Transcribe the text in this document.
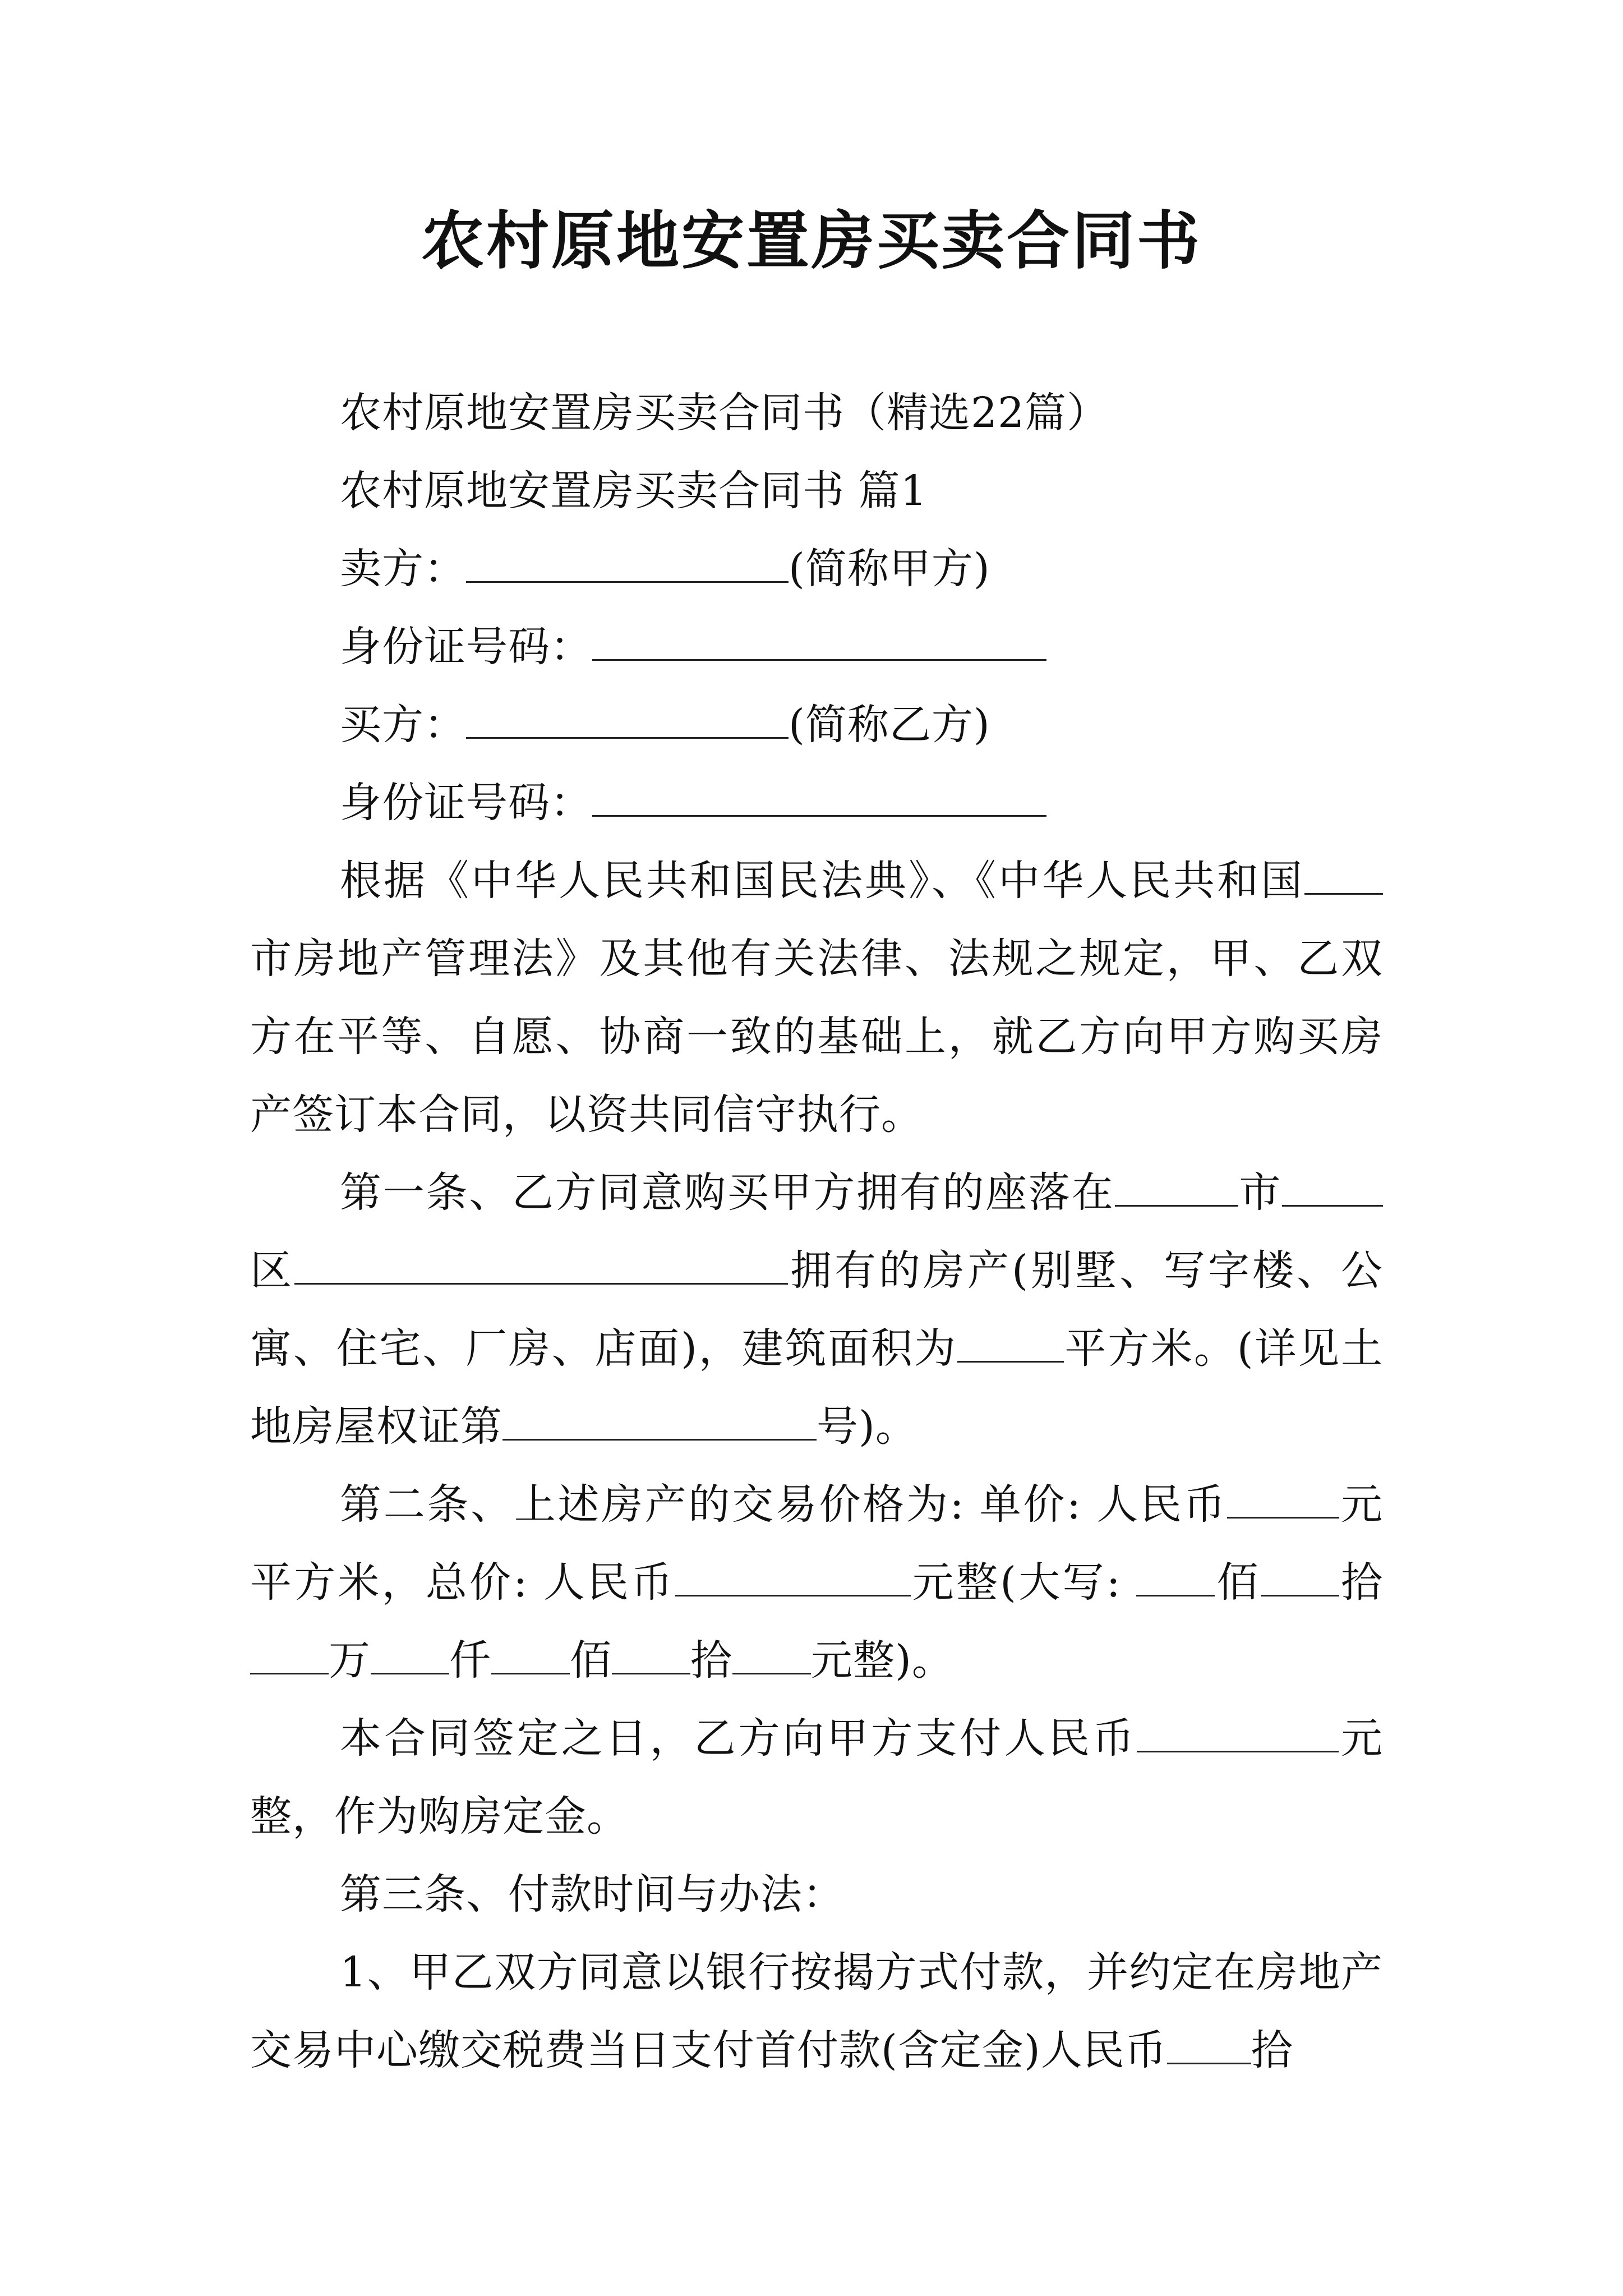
农村原地安置房买卖合同书

农村原地安置房买卖合同书（精选22篇）

农村原地安置房买卖合同书 篇1

卖方：	(简称甲方)

身份证号码：

买方：	(简称乙方)

身份证号码：

根据《中华人民共和国民法典》、《中华人民共和国市房地产管理法》及其他有关法律、法规之规定，甲、乙双方在平等、自愿、协商一致的基础上，就乙方向甲方购买房产签订本合同，以资共同信守执行。

第一条、乙方同意购买甲方拥有的座落在	市区	拥有的房产(别墅、写字楼、公寓、住宅、厂房、店面)，建筑面积为	平方米。(详见土地房屋权证第	号)。

第二条、上述房产的交易价格为: 单价: 人民币	元平方米，总价: 人民币	元整(大写: 佰 拾万 仟 佰 拾 元整)。

本合同签定之日，乙方向甲方支付人民币	元整，作为购房定金。

第三条、付款时间与办法：

1、甲乙双方同意以银行按揭方式付款，并约定在房地产交易中心缴交税费当日支付首付款(含定金)人民币 拾
